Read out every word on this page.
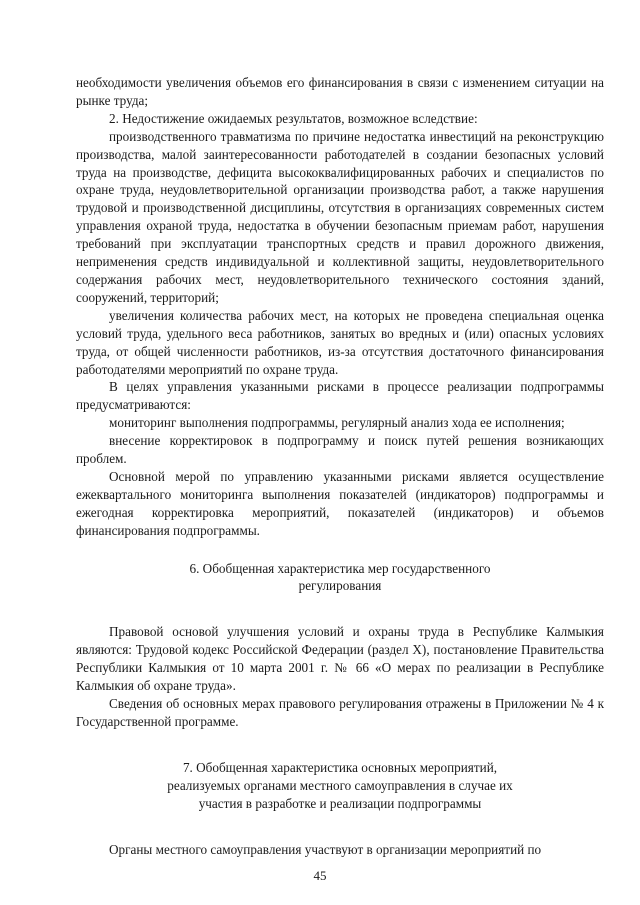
необходимости увеличения объемов его финансирования в связи с изменением ситуации на рынке труда;

2. Недостижение ожидаемых результатов, возможное вследствие:

производственного травматизма по причине недостатка инвестиций на реконструкцию производства, малой заинтересованности работодателей в создании безопасных условий труда на производстве, дефицита высококвалифицированных рабочих и специалистов по охране труда, неудовлетворительной организации производства работ, а также нарушения трудовой и производственной дисциплины, отсутствия в организациях современных систем управления охраной труда, недостатка в обучении безопасным приемам работ, нарушения требований при эксплуатации транспортных средств и правил дорожного движения, неприменения средств индивидуальной и коллективной защиты, неудовлетворительного содержания рабочих мест, неудовлетворительного технического состояния зданий, сооружений, территорий;

увеличения количества рабочих мест, на которых не проведена специальная оценка условий труда, удельного веса работников, занятых во вредных и (или) опасных условиях труда, от общей численности работников, из-за отсутствия достаточного финансирования работодателями мероприятий по охране труда.

В целях управления указанными рисками в процессе реализации подпрограммы предусматриваются:

мониторинг выполнения подпрограммы, регулярный анализ хода ее исполнения;

внесение корректировок в подпрограмму и поиск путей решения возникающих проблем.

Основной мерой по управлению указанными рисками является осуществление ежеквартального мониторинга выполнения показателей (индикаторов) подпрограммы и ежегодная корректировка мероприятий, показателей (индикаторов) и объемов финансирования подпрограммы.

6. Обобщенная характеристика мер государственного

регулирования

Правовой основой улучшения условий и охраны труда в Республике Калмыкия являются: Трудовой кодекс Российской Федерации (раздел X), постановление Правительства Республики Калмыкия от 10 марта 2001 г. № 66 «О мерах по реализации в Республике Калмыкия об охране труда».

Сведения об основных мерах правового регулирования отражены в Приложении № 4 к Государственной программе.

7. Обобщенная характеристика основных мероприятий,

реализуемых органами местного самоуправления в случае их

участия в разработке и реализации подпрограммы

Органы местного самоуправления участвуют в организации мероприятий по

45
